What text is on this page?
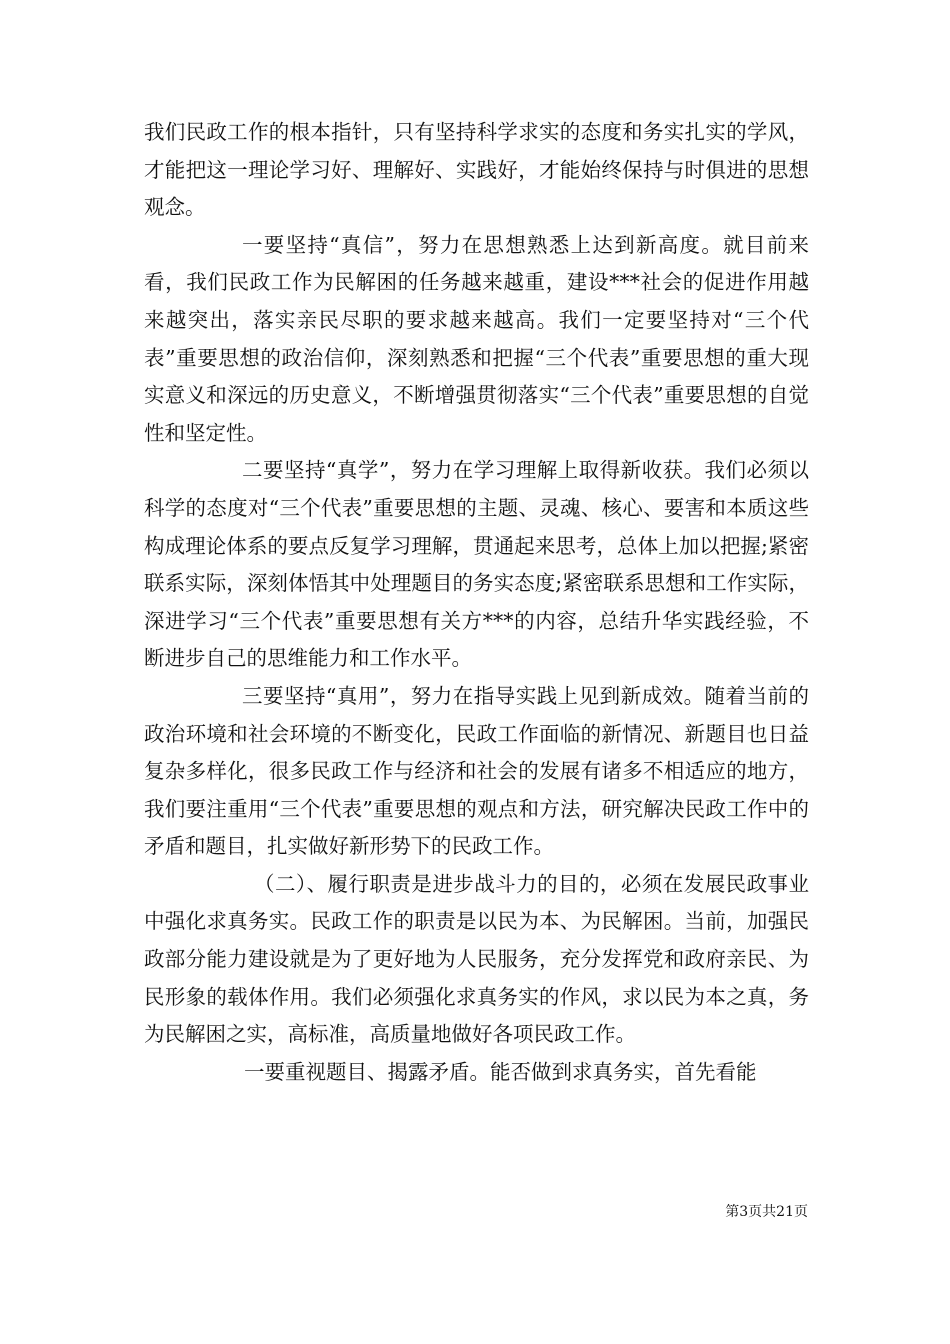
我们民政工作的根本指针，只有坚持科学求实的态度和务实扎实的学风，才能把这一理论学习好、理解好、实践好，才能始终保持与时俱进的思想观念。

一要坚持“真信”，努力在思想熟悉上达到新高度。就目前来看，我们民政工作为民解困的任务越来越重，建设***社会的促进作用越来越突出，落实亲民尽职的要求越来越高。我们一定要坚持对“三个代表”重要思想的政治信仰，深刻熟悉和把握“三个代表”重要思想的重大现实意义和深远的历史意义，不断增强贯彻落实“三个代表”重要思想的自觉性和坚定性。

二要坚持“真学”，努力在学习理解上取得新收获。我们必须以科学的态度对“三个代表”重要思想的主题、灵魂、核心、要害和本质这些构成理论体系的要点反复学习理解，贯通起来思考，总体上加以把握;紧密联系实际，深刻体悟其中处理题目的务实态度;紧密联系思想和工作实际，深进学习“三个代表”重要思想有关方***的内容，总结升华实践经验，不断进步自己的思维能力和工作水平。

三要坚持“真用”，努力在指导实践上见到新成效。随着当前的政治环境和社会环境的不断变化，民政工作面临的新情况、新题目也日益复杂多样化，很多民政工作与经济和社会的发展有诸多不相适应的地方，我们要注重用“三个代表”重要思想的观点和方法，研究解决民政工作中的矛盾和题目，扎实做好新形势下的民政工作。

（二）、履行职责是进步战斗力的目的，必须在发展民政事业中强化求真务实。民政工作的职责是以民为本、为民解困。当前，加强民政部分能力建设就是为了更好地为人民服务，充分发挥党和政府亲民、为民形象的载体作用。我们必须强化求真务实的作风，求以民为本之真，务为民解困之实，高标准，高质量地做好各项民政工作。

一要重视题目、揭露矛盾。能否做到求真务实，首先看能

第3页共21页
